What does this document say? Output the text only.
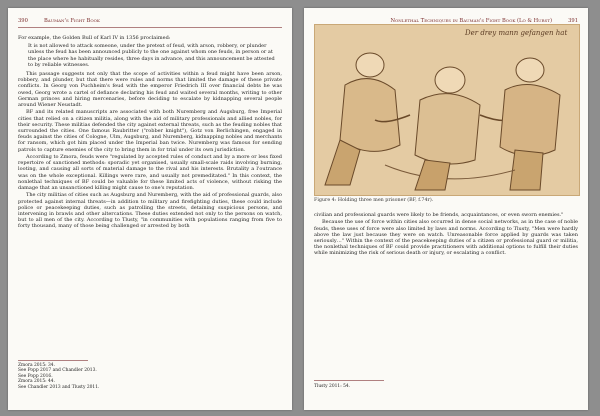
390	Bauman's Fight Book

For example, the Golden Bull of Karl IV in 1356 proclaimed:

It is not allowed to attack someone, under the pretext of feud, with arson, robbery, or plunder unless the feud has been announced publicly to the one against whom one feuds, in person or at the place where he habitually resides, three days in advance, and this announcement be attested to by reliable witnesses.

This passage suggests not only that the scope of activities within a feud might have been arson, robbery, and plunder, but that there were rules and norms that limited the damage of these private conflicts. In Georg von Puchheim's feud with the emperor Friedrich III over financial debts he was owed, Georg wrote a cartel of defiance declaring his feud and waited several months, writing to other German princes and hiring mercenaries, before deciding to escalate by kidnapping several people around Wiener Neustadt.

BF and its related manuscripts are associated with both Nuremberg and Augsburg, free Imperial cities that relied on a citizen militia, along with the aid of military professionals and allied nobles, for their security. These militias defended the city against external threats, such as the feuding nobles that surrounded the cities. One famous Raubritter ("robber knight"), Gotz von Berlichingen, engaged in feuds against the cities of Cologne, Ulm, Augsburg, and Nuremberg, kidnapping nobles and merchants for ransom, which got him placed under the Imperial ban twice. Nuremberg was famous for sending patrols to capture enemies of the city to bring them in for trial under its own jurisdiction.

According to Zmora, feuds were "regulated by accepted rules of conduct and by a more or less fixed repertoire of sanctioned methods: sporadic yet organised, usually small-scale raids involving burning, looting, and causing all sorts of material damage to the rival and his interests. Brutality a l'outrance was on the whole exceptional. Killings were rare, and usually not premeditated." In this context, the nonlethal techniques of BF could be valuable for these limited acts of violence, without risking the damage that an unsanctioned killing might cause to one's reputation.

The city militias of cities such as Augsburg and Nuremberg, with the aid of professional guards, also protected against internal threats—in addition to military and firefighting duties, these could include police or peacekeeping duties, such as patrolling the streets, detaining suspicious persons, and intervening in brawls and other altercations. These duties extended not only to the persons on watch, but to all men of the city. According to Tlusty, "in communities with populations ranging from five to forty thousand, many of those being challenged or arrested by both

Zmora 2015: 34.
See Popp 2017 and Chandler 2013.
See Popp 2016.
Zmora 2015: 44.
See Chandler 2013 and Tlusty 2011.
Nonlethal Techniques in Bauman's Fight Book (Lo & Hurst)	391
Der drey mann gefangen hat
Figure 4: Holding three men prisoner (BF, f.74r).

civilian and professional guards were likely to be friends, acquaintances, or even sworn enemies."

Because the use of force within cities also occurred in dense social networks, as in the case of noble feuds, these uses of force were also limited by laws and norms. According to Tlusty, "Men were hardly above the law just because they were on watch. Unreasonable force applied by guards was taken seriously…" Within the context of the peacekeeping duties of a citizen or professional guard or militia, the nonlethal techniques of BF could provide practitioners with additional options to fulfill their duties while minimizing the risk of serious death or injury, or escalating a conflict.

Tlusty 2011: 54.
